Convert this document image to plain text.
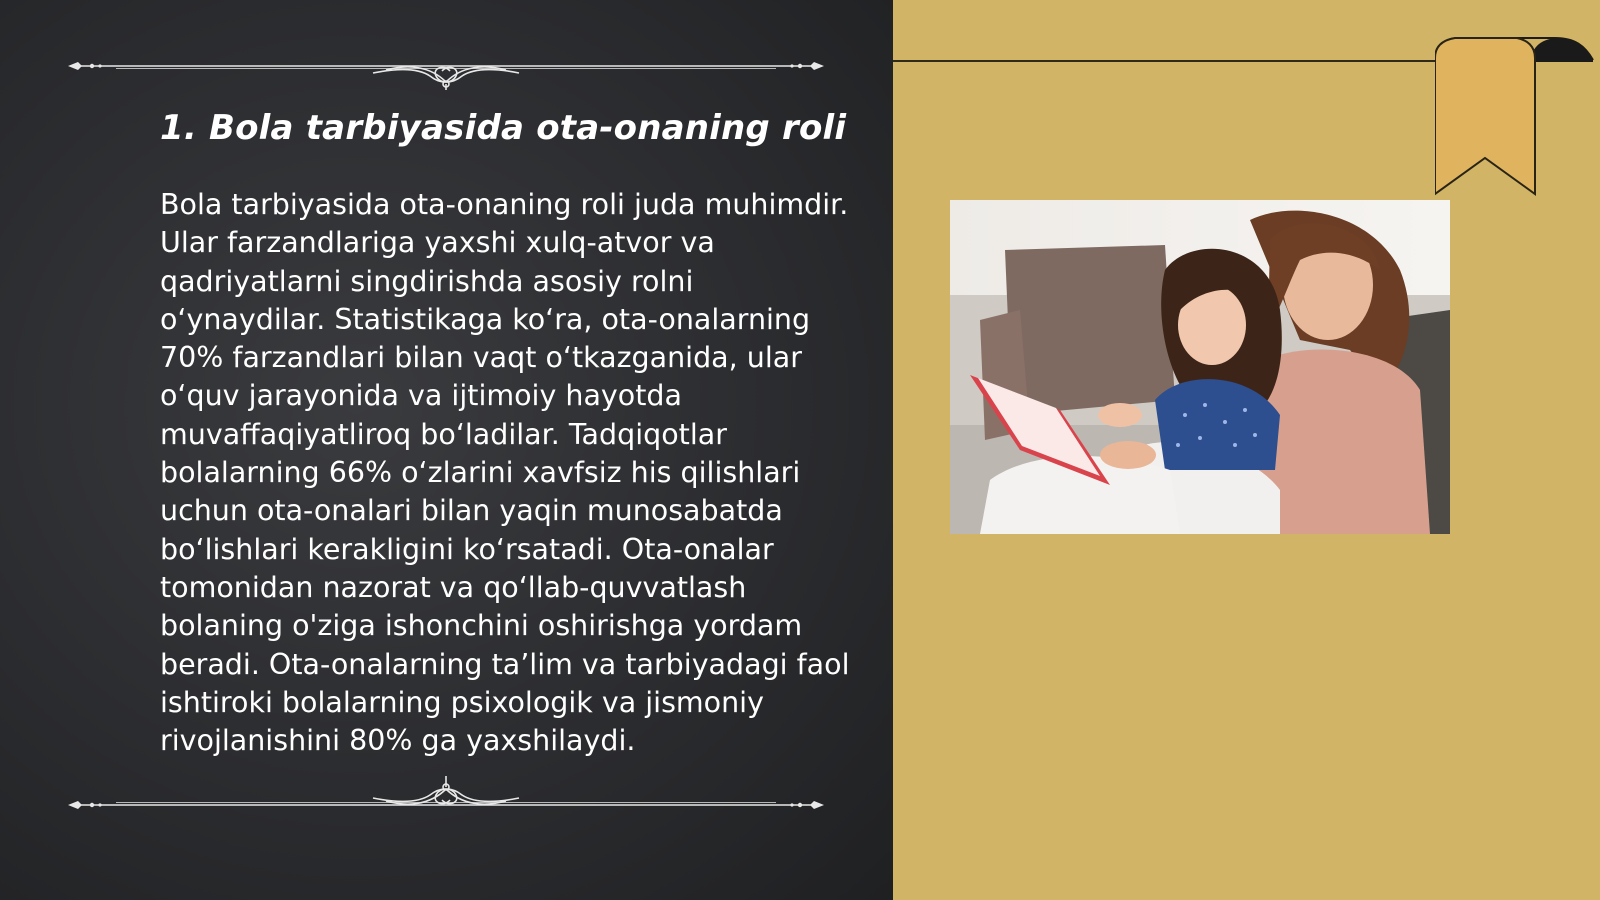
1. Bola tarbiyasida ota-onaning roli
Bola tarbiyasida ota-onaning roli juda muhimdir. Ular farzandlariga yaxshi xulq-atvor va qadriyatlarni singdirishda asosiy rolni o‘ynaydilar. Statistikaga ko‘ra, ota-onalarning 70% farzandlari bilan vaqt o‘tkazganida, ular o‘quv jarayonida va ijtimoiy hayotda muvaffaqiyatliroq bo‘ladilar. Tadqiqotlar bolalarning 66% o‘zlarini xavfsiz his qilishlari uchun ota-onalari bilan yaqin munosabatda bo‘lishlari kerakligini ko‘rsatadi. Ota-onalar tomonidan nazorat va qo‘llab-quvvatlash bolaning o'ziga ishonchini oshirishga yordam beradi. Ota-onalarning ta’lim va tarbiyadagi faol ishtiroki bolalarning psixologik va jismoniy rivojlanishini 80% ga yaxshilaydi.
